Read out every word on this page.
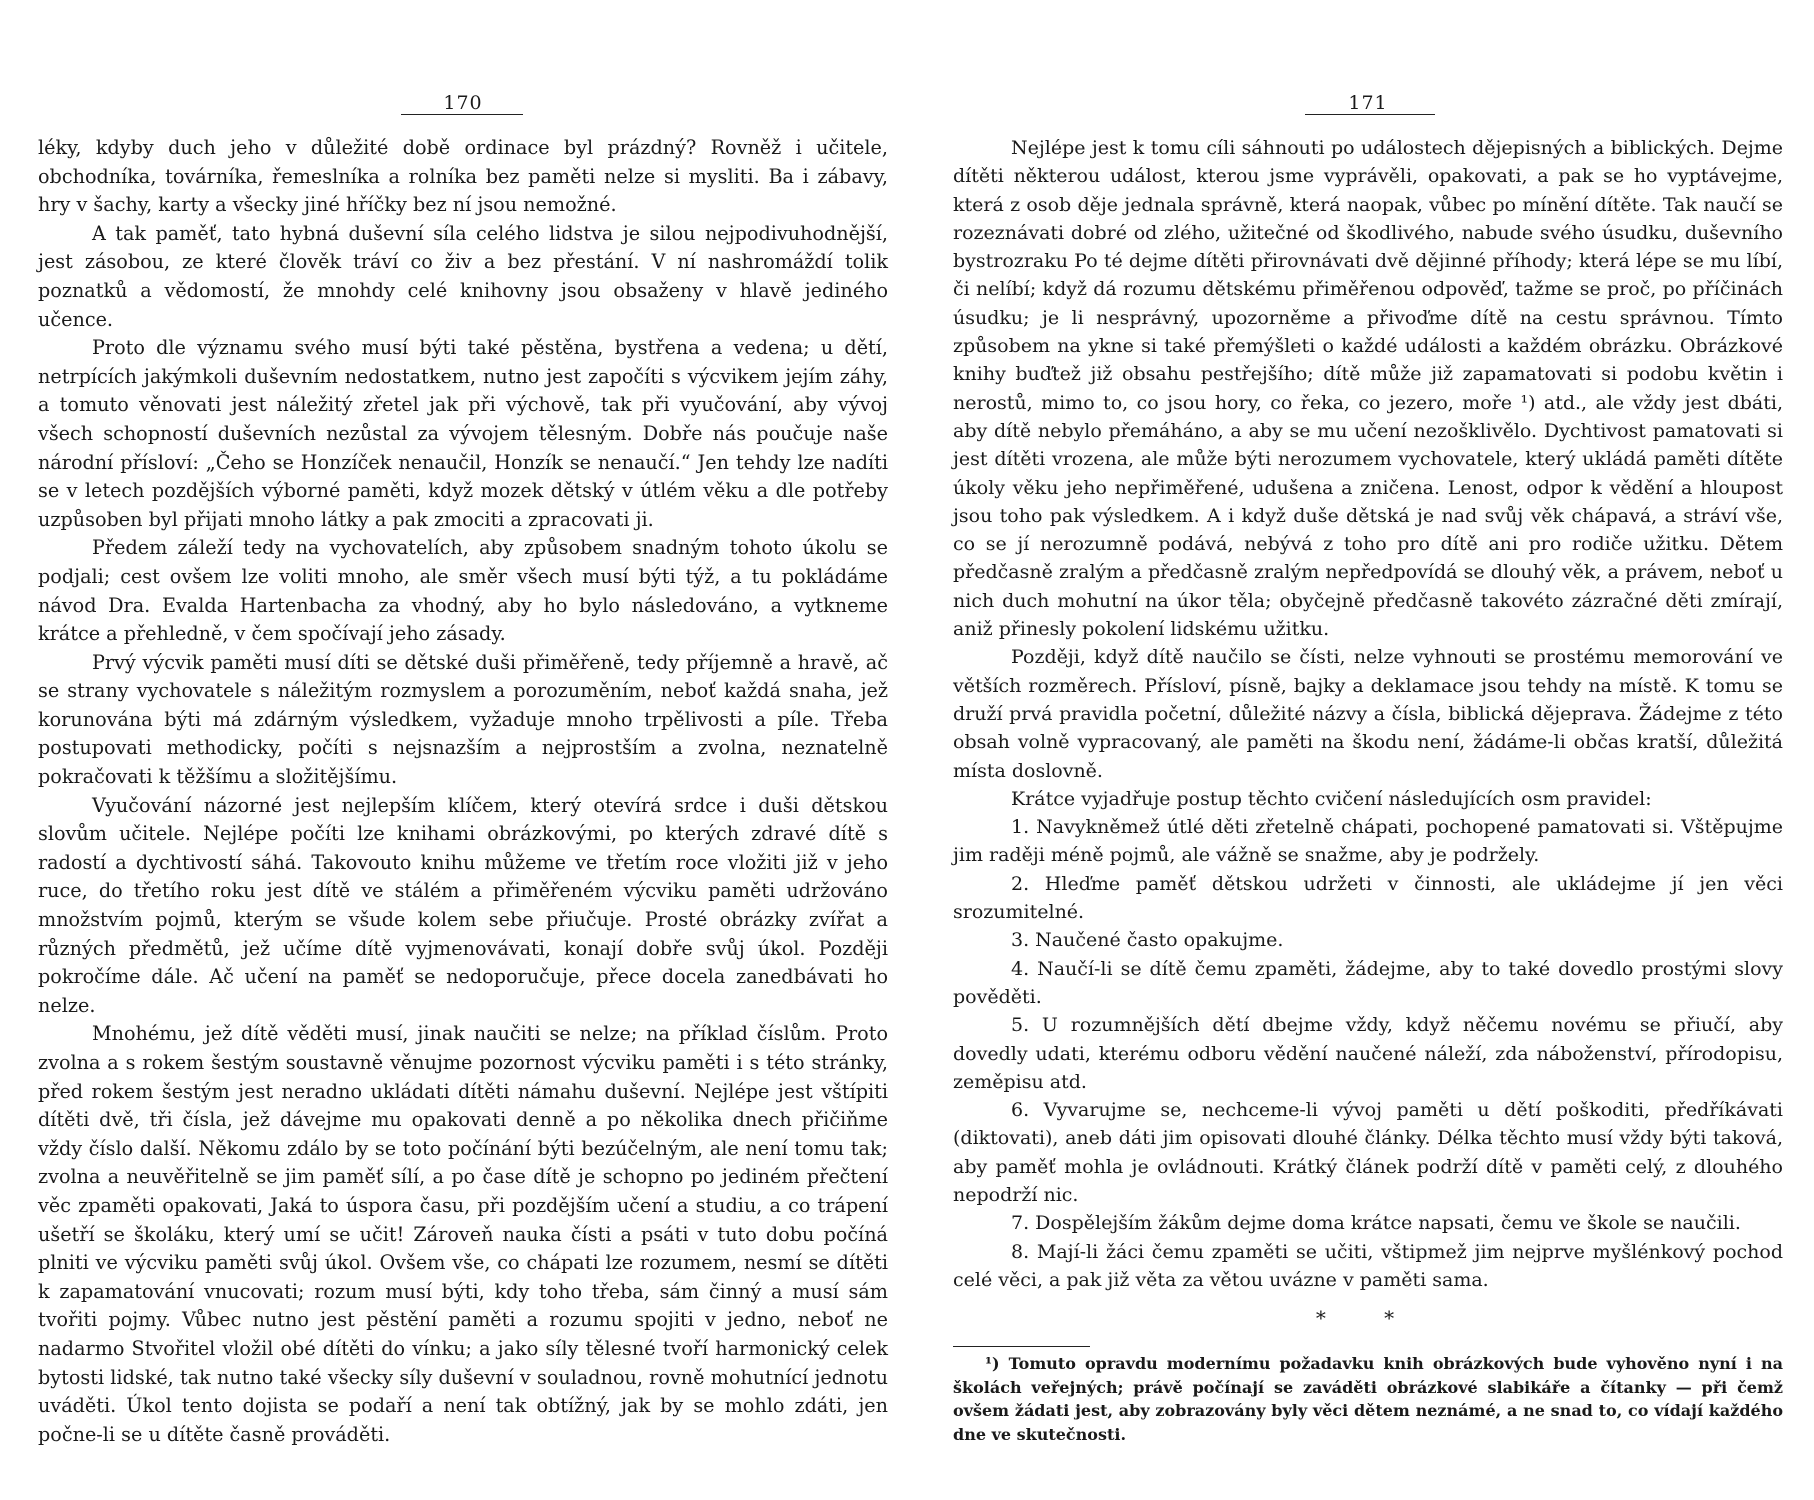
170

léky, kdyby duch jeho v důležité době ordinace byl prázdný? Rovněž i učitele, obchodníka, továrníka, řemeslníka a rolníka bez paměti nelze si mysliti. Ba i zábavy, hry v šachy, karty a všecky jiné hříčky bez ní jsou nemožné.

A tak paměť, tato hybná duševní síla celého lidstva je silou nejpodivuhodnější, jest zásobou, ze které člověk tráví co živ a bez přestání. V ní nashromáždí tolik poznatků a vědomostí, že mnohdy celé knihovny jsou obsaženy v hlavě jediného učence.

Proto dle významu svého musí býti také pěstěna, bystřena a vedena; u dětí, netrpících jakýmkoli duševním nedostatkem, nutno jest započíti s výcvikem jejím záhy, a tomuto věnovati jest náležitý zřetel jak při výchově, tak při vyučování, aby vývoj všech schopností duševních nezůstal za vývojem tělesným. Dobře nás poučuje naše národní přísloví: „Čeho se Honzíček nenaučil, Honzík se nenaučí.“ Jen tehdy lze nadíti se v letech pozdějších výborné paměti, když mozek dětský v útlém věku a dle potřeby uzpůsoben byl přijati mnoho látky a pak zmociti a zpracovati ji.

Předem záleží tedy na vychovatelích, aby způsobem snadným tohoto úkolu se podjali; cest ovšem lze voliti mnoho, ale směr všech musí býti týž, a tu pokládáme návod Dra. Evalda Hartenbacha za vhodný, aby ho bylo následováno, a vytkneme krátce a přehledně, v čem spočívají jeho zásady.

Prvý výcvik paměti musí díti se dětské duši přiměřeně, tedy příjemně a hravě, ač se strany vychovatele s náležitým rozmyslem a porozuměním, neboť každá snaha, jež korunována býti má zdárným výsledkem, vyžaduje mnoho trpělivosti a píle. Třeba postupovati methodicky, počíti s nejsnazším a nejprostším a zvolna, neznatelně pokračovati k těžšímu a složitějšímu.

Vyučování názorné jest nejlepším klíčem, který otevírá srdce i duši dětskou slovům učitele. Nejlépe počíti lze knihami obrázkovými, po kterých zdravé dítě s radostí a dychtivostí sáhá. Takovouto knihu můžeme ve třetím roce vložiti již v jeho ruce, do třetího roku jest dítě ve stálém a přiměřeném výcviku paměti udržováno množstvím pojmů, kterým se všude kolem sebe přiučuje. Prosté obrázky zvířat a různých předmětů, jež učíme dítě vyjmenovávati, konají dobře svůj úkol. Později pokročíme dále. Ač učení na paměť se nedoporučuje, přece docela zanedbávati ho nelze.

Mnohému, jež dítě věděti musí, jinak naučiti se nelze; na příklad číslům. Proto zvolna a s rokem šestým soustavně věnujme pozornost výcviku paměti i s této stránky, před rokem šestým jest neradno ukládati dítěti námahu duševní. Nejlépe jest vštípiti dítěti dvě, tři čísla, jež dávejme mu opakovati denně a po několika dnech přičiňme vždy číslo další. Někomu zdálo by se toto počínání býti bezúčelným, ale není tomu tak; zvolna a neuvěřitelně se jim paměť sílí, a po čase dítě je schopno po jediném přečtení věc zpaměti opakovati, Jaká to úspora času, při pozdějším učení a studiu, a co trápení ušetří se školáku, který umí se učit! Zároveň nauka čísti a psáti v tuto dobu počíná plniti ve výcviku paměti svůj úkol. Ovšem vše, co chápati lze rozumem, nesmí se dítěti k zapamatování vnucovati; rozum musí býti, kdy toho třeba, sám činný a musí sám tvořiti pojmy. Vůbec nutno jest pěstění paměti a rozumu spojiti v jedno, neboť ne nadarmo Stvořitel vložil obé dítěti do vínku; a jako síly tělesné tvoří harmonický celek bytosti lidské, tak nutno také všecky síly duševní v souladnou, rovně mohutnící jednotu uváděti. Úkol tento dojista se podaří a není tak obtížný, jak by se mohlo zdáti, jen počne-li se u dítěte časně prováděti.

171

Nejlépe jest k tomu cíli sáhnouti po událostech dějepisných a biblických. Dejme dítěti některou událost, kterou jsme vyprávěli, opakovati, a pak se ho vyptávejme, která z osob děje jednala správně, která naopak, vůbec po mínění dítěte. Tak naučí se rozeznávati dobré od zlého, užitečné od škodlivého, nabude svého úsudku, duševního bystrozraku Po té dejme dítěti přirovnávati dvě dějinné příhody; která lépe se mu líbí, či nelíbí; když dá rozumu dětskému přiměřenou odpověď, tažme se proč, po příčinách úsudku; je li nesprávný, upozorněme a přivoďme dítě na cestu správnou. Tímto způsobem na ykne si také přemýšleti o každé události a každém obrázku. Obrázkové knihy buďtež již obsahu pestřejšího; dítě může již zapamatovati si podobu květin i nerostů, mimo to, co jsou hory, co řeka, co jezero, moře ¹) atd., ale vždy jest dbáti, aby dítě nebylo přemáháno, a aby se mu učení nezošklivělo. Dychtivost pamatovati si jest dítěti vrozena, ale může býti nerozumem vychovatele, který ukládá paměti dítěte úkoly věku jeho nepřiměřené, udušena a zničena. Lenost, odpor k vědění a hloupost jsou toho pak výsledkem. A i když duše dětská je nad svůj věk chápavá, a stráví vše, co se jí nerozumně podává, nebývá z toho pro dítě ani pro rodiče užitku. Dětem předčasně zralým a předčasně zralým nepředpovídá se dlouhý věk, a právem, neboť u nich duch mohutní na úkor těla; obyčejně předčasně takovéto zázračné děti zmírají, aniž přinesly pokolení lidskému užitku.

Později, když dítě naučilo se čísti, nelze vyhnouti se prostému memorování ve větších rozměrech. Přísloví, písně, bajky a deklamace jsou tehdy na místě. K tomu se druží prvá pravidla početní, důležité názvy a čísla, biblická dějeprava. Žádejme z této obsah volně vypracovaný, ale paměti na škodu není, žádáme-li občas kratší, důležitá místa doslovně.

Krátce vyjadřuje postup těchto cvičení následujících osm pravidel:

1. Navykněmež útlé děti zřetelně chápati, pochopené pamatovati si. Vštěpujme jim raději méně pojmů, ale vážně se snažme, aby je podržely.

2. Hleďme paměť dětskou udržeti v činnosti, ale ukládejme jí jen věci srozumitelné.

3. Naučené často opakujme.

4. Naučí-li se dítě čemu zpaměti, žádejme, aby to také dovedlo prostými slovy pověděti.

5. U rozumnějších dětí dbejme vždy, když něčemu novému se přiučí, aby dovedly udati, kterému odboru vědění naučené náleží, zda náboženství, přírodopisu, zeměpisu atd.

6. Vyvarujme se, nechceme-li vývoj paměti u dětí poškoditi, předříkávati (diktovati), aneb dáti jim opisovati dlouhé články. Délka těchto musí vždy býti taková, aby paměť mohla je ovládnouti. Krátký článek podrží dítě v paměti celý, z dlouhého nepodrží nic.

7. Dospělejším žákům dejme doma krátce napsati, čemu ve škole se naučili.

8. Mají-li žáci čemu zpaměti se učiti, vštipmež jim nejprve myšlénkový pochod celé věci, a pak již věta za větou uvázne v paměti sama.

* *
¹) Tomuto opravdu modernímu požadavku knih obrázkových bude vyhověno nyní i na školách veřejných; právě počínají se zaváděti obrázkové slabikáře a čítanky — při čemž ovšem žádati jest, aby zobrazovány byly věci dětem neznámé, a ne snad to, co vídají každého dne ve skutečnosti.
